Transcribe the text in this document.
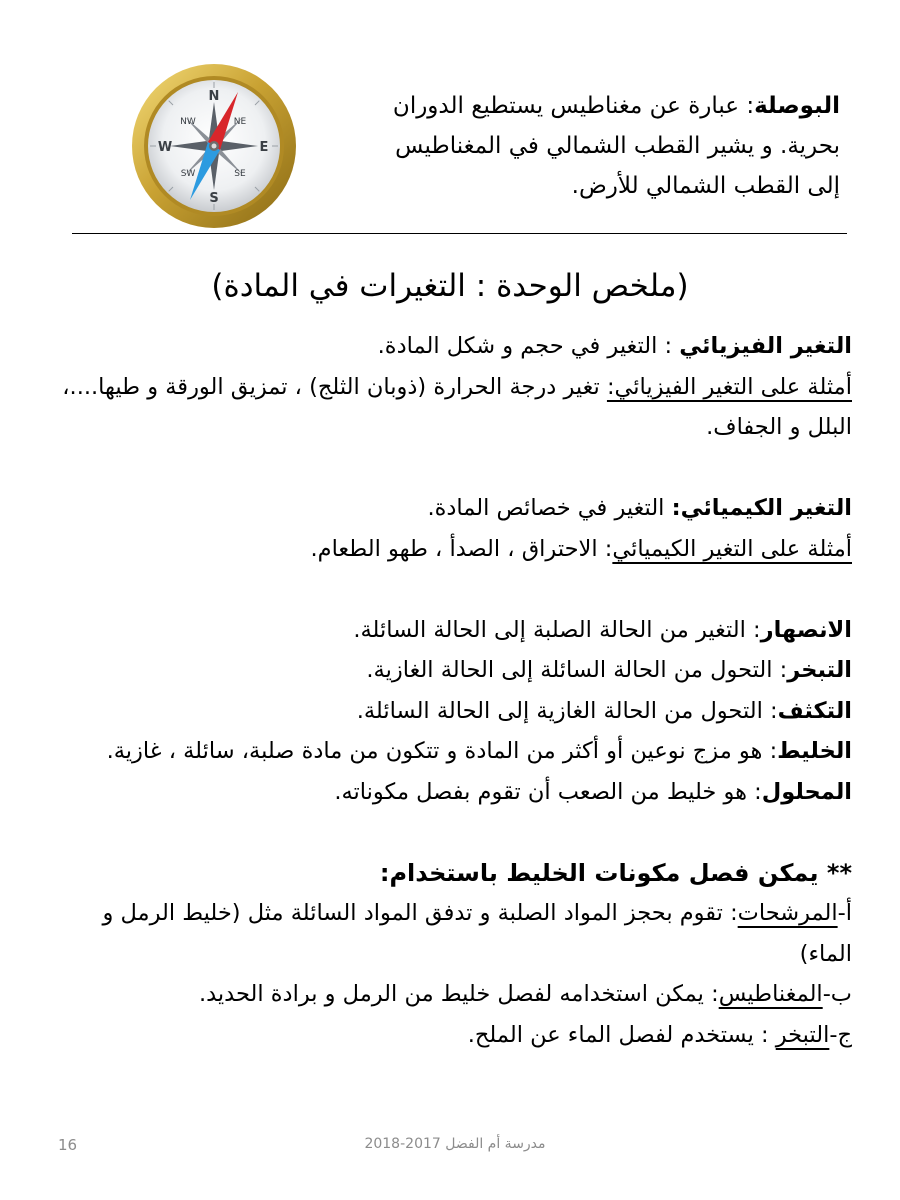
N
S
E
W
NE
NW
SE
SW
البوصلة: عبارة عن مغناطيس يستطيع الدوران بحرية. و يشير القطب الشمالي في المغناطيس إلى القطب الشمالي للأرض.
(ملخص الوحدة : التغيرات في المادة)

التغير الفيزيائي : التغير في حجم و شكل المادة.

أمثلة على التغير الفيزيائي: تغير درجة الحرارة (ذوبان الثلج) ، تمزيق الورقة و طيها....، البلل و الجفاف.

التغير الكيميائي: التغير في خصائص المادة.

أمثلة على التغير الكيميائي: الاحتراق ، الصدأ ، طهو الطعام.

الانصهار: التغير من الحالة الصلبة إلى الحالة السائلة.

التبخر: التحول من الحالة السائلة إلى الحالة الغازية.

التكثف: التحول من الحالة الغازية إلى الحالة السائلة.

الخليط: هو مزج نوعين أو أكثر من المادة و تتكون من مادة صلبة، سائلة ، غازية.

المحلول: هو خليط من الصعب أن تقوم بفصل مكوناته.

** يمكن فصل مكونات الخليط باستخدام:

أ-المرشحات: تقوم بحجز المواد الصلبة و تدفق المواد السائلة مثل (خليط الرمل و الماء)

ب-المغناطيس: يمكن استخدامه لفصل خليط من الرمل و برادة الحديد.

ج-التبخر : يستخدم لفصل الماء عن الملح.

16	مدرسة أم الفضل 2017-2018
